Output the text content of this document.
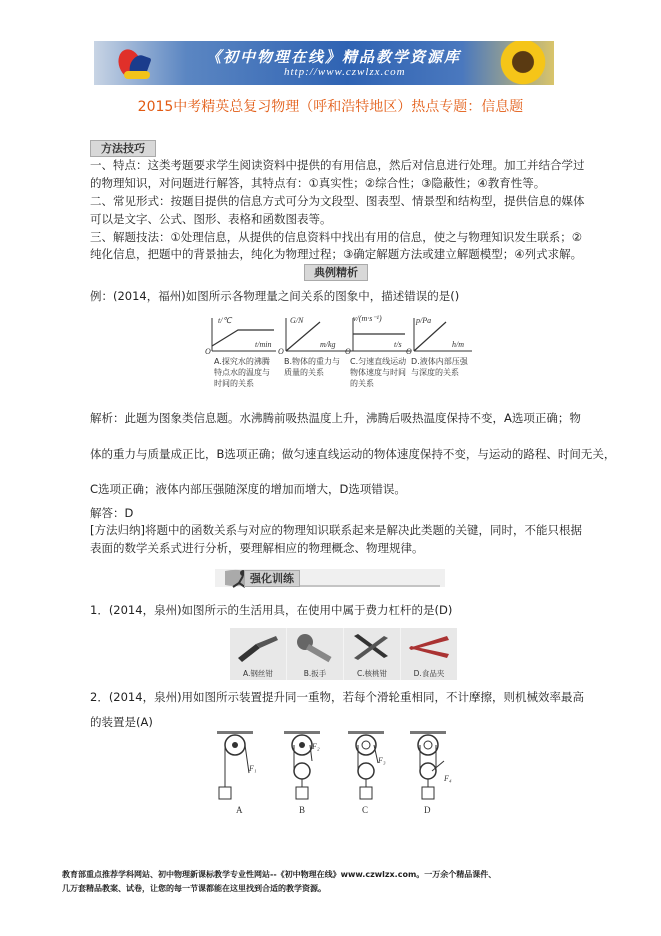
《初中物理在线》精品教学资源库
http://www.czwlzx.com
2015中考精英总复习物理（呼和浩特地区）热点专题：信息题
方法技巧
一、特点：这类考题要求学生阅读资料中提供的有用信息，然后对信息进行处理。加工并结合学过
的物理知识，对问题进行解答，其特点有：①真实性；②综合性；③隐蔽性；④教育性等。
二、常见形式：按题目提供的信息方式可分为文段型、图表型、情景型和结构型，提供信息的媒体
可以是文字、公式、图形、表格和函数图表等。
三、解题技法：①处理信息，从提供的信息资料中找出有用的信息，使之与物理知识发生联系；②
纯化信息，把题中的背景抽去，纯化为物理过程；③确定解题方法或建立解题模型；④列式求解。
典例精析
例：(2014，福州)如图所示各物理量之间关系的图象中，描述错误的是()
t/℃
t/min
O
A.探究水的沸腾特点水的温度与时间的关系
G/N
m/kg
O
B.物体的重力与质量的关系
v/(m·s⁻¹)
t/s
O
C.匀速直线运动物体速度与时间的关系
p/Pa
h/m
O
D.液体内部压强与深度的关系
解析：此题为图象类信息题。水沸腾前吸热温度上升，沸腾后吸热温度保持不变，A选项正确；物
体的重力与质量成正比，B选项正确；做匀速直线运动的物体速度保持不变，与运动的路程、时间无关，
C选项正确；液体内部压强随深度的增加而增大，D选项错误。
解答：D
[方法归纳]将题中的函数关系与对应的物理知识联系起来是解决此类题的关键，同时，不能只根据
表面的数学关系式进行分析，要理解相应的物理概念、物理规律。
强化训练
1．(2014，泉州)如图所示的生活用具，在使用中属于费力杠杆的是(D)
A.钢丝钳	B.扳手	C.核桃钳	D.食品夹
2．(2014，泉州)用如图所示装置提升同一重物，若每个滑轮重相同，不计摩擦，则机械效率最高
的装置是(A)
F₁
A
F₂
B
F₃
C
F₄
D
教育部重点推荐学科网站、初中物理新课标教学专业性网站--《初中物理在线》www.czwlzx.com。一万余个精品课件、
几万套精品教案、试卷，让您的每一节课都能在这里找到合适的教学资源。
